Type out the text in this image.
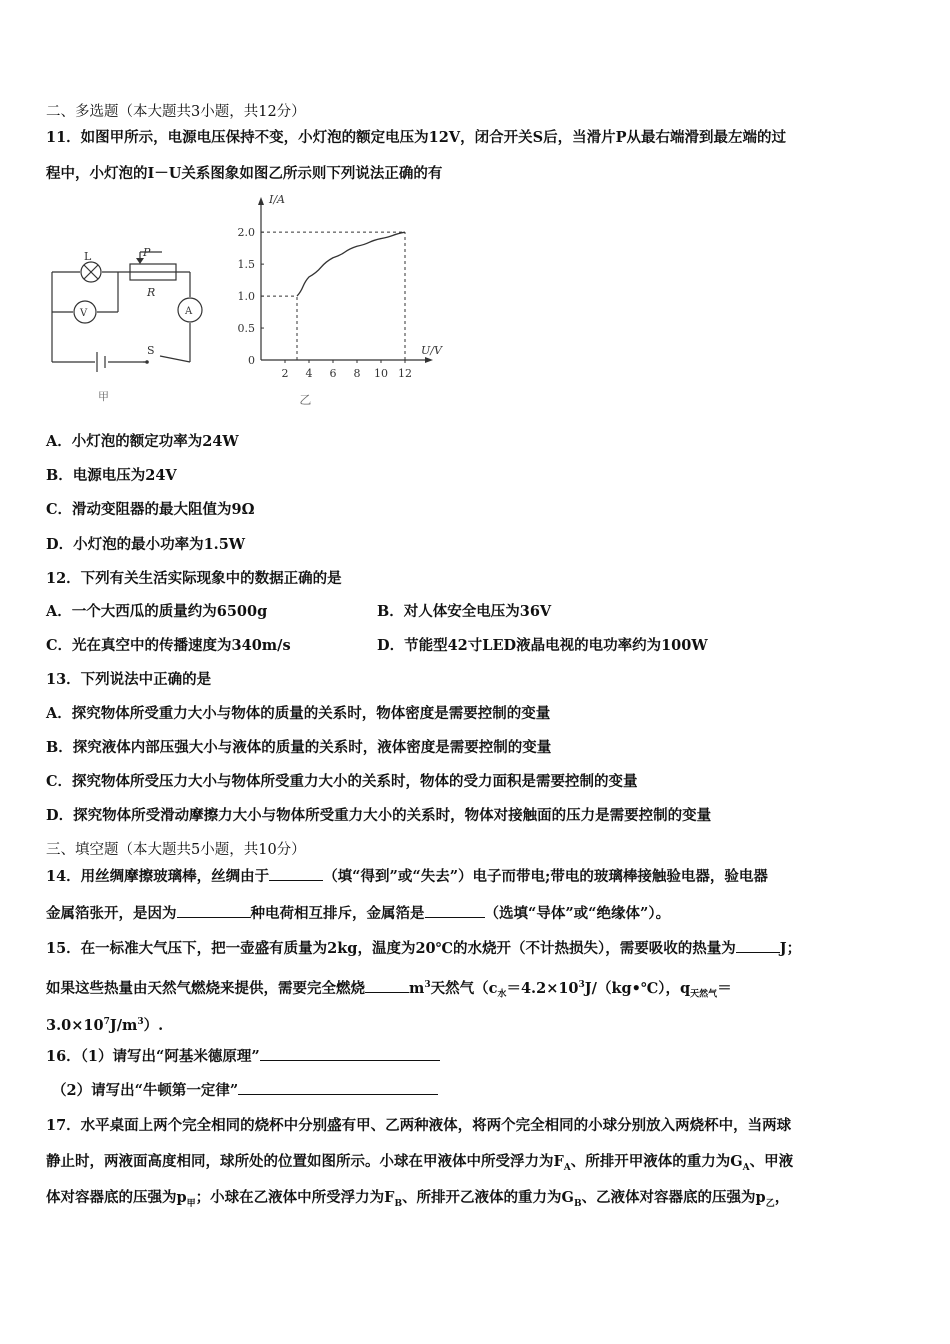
二、多选题（本大题共3小题，共12分）
11．如图甲所示，电源电压保持不变，小灯泡的额定电压为12V，闭合开关S后，当滑片P从最右端滑到最左端的过
程中，小灯泡的I－U关系图象如图乙所示则下列说法正确的有
L	P
R
V	A
S
甲
I/A
U/V
2 4 6 8 10 12
0
0.5
1.0
1.5
2.0
乙
A．小灯泡的额定功率为24W
B．电源电压为24V
C．滑动变阻器的最大阻值为9Ω
D．小灯泡的最小功率为1.5W
12．下列有关生活实际现象中的数据正确的是
A．一个大西瓜的质量约为6500g	B．对人体安全电压为36V
C．光在真空中的传播速度为340m/s	D．节能型42寸LED液晶电视的电功率约为100W
13．下列说法中正确的是
A．探究物体所受重力大小与物体的质量的关系时，物体密度是需要控制的变量
B．探究液体内部压强大小与液体的质量的关系时，液体密度是需要控制的变量
C．探究物体所受压力大小与物体所受重力大小的关系时，物体的受力面积是需要控制的变量
D．探究物体所受滑动摩擦力大小与物体所受重力大小的关系时，物体对接触面的压力是需要控制的变量
三、填空题（本大题共5小题，共10分）
14．用丝绸摩擦玻璃棒，丝绸由于	（填“得到”或“失去”）电子而带电;带电的玻璃棒接触验电器，验电器
金属箔张开，是因为	种电荷相互排斥，金属箔是	（选填“导体”或“绝缘体”）。
15．在一标准大气压下，把一壶盛有质量为2kg，温度为20℃的水烧开（不计热损失），需要吸收的热量为	J；
如果这些热量由天然气燃烧来提供，需要完全燃烧	$m^3$天然气（$c_水=4.2\times 10^3J/(kg•℃)$，$q_{天然气}=$
$3.0\times 10^7J/m^3$）.
16．（1）请写出“阿基米德原理”
（2）请写出“牛顿第一定律”
17．水平桌面上两个完全相同的烧杯中分别盛有甲、乙两种液体，将两个完全相同的小球分别放入两烧杯中，当两球
静止时，两液面高度相同，球所处的位置如图所示。小球在甲液体中所受浮力为$F_A$、所排开甲液体的重力为$G_A$、甲液
体对容器底的压强为$p_甲$；小球在乙液体中所受浮力为$F_B$、所排开乙液体的重力为$G_B$、乙液体对容器底的压强为$p_乙$，
